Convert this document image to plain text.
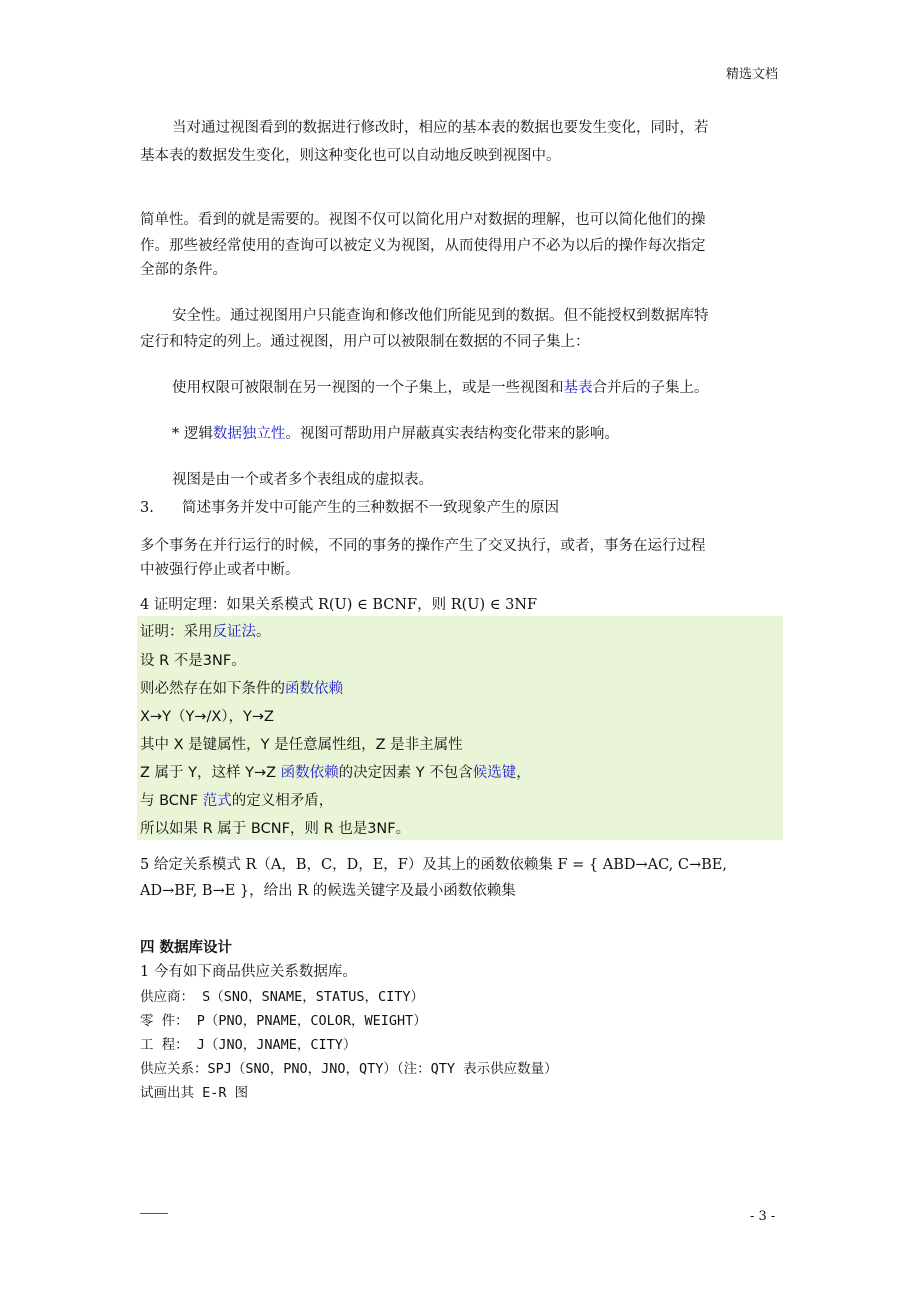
精选文档
当对通过视图看到的数据进行修改时，相应的基本表的数据也要发生变化，同时，若
基本表的数据发生变化，则这种变化也可以自动地反映到视图中。
简单性。看到的就是需要的。视图不仅可以简化用户对数据的理解，也可以简化他们的操
作。那些被经常使用的查询可以被定义为视图，从而使得用户不必为以后的操作每次指定
全部的条件。
安全性。通过视图用户只能查询和修改他们所能见到的数据。但不能授权到数据库特
定行和特定的列上。通过视图，用户可以被限制在数据的不同子集上：
使用权限可被限制在另一视图的一个子集上，或是一些视图和基表合并后的子集上。
* 逻辑数据独立性。视图可帮助用户屏蔽真实表结构变化带来的影响。
视图是由一个或者多个表组成的虚拟表。
3. 简述事务并发中可能产生的三种数据不一致现象产生的原因
多个事务在并行运行的时候，不同的事务的操作产生了交叉执行，或者，事务在运行过程
中被强行停止或者中断。
4 证明定理：如果关系模式 R(U) ∈ BCNF，则 R(U) ∈ 3NF
证明：采用反证法。
设 R 不是3NF。
则必然存在如下条件的函数依赖
X→Y（Y→/X），Y→Z
其中 X 是键属性，Y 是任意属性组，Z 是非主属性
Z 属于 Y，这样 Y→Z 函数依赖的决定因素 Y 不包含候选键，
与 BCNF 范式的定义相矛盾，
所以如果 R 属于 BCNF，则 R 也是3NF。
5 给定关系模式 R（A，B，C，D，E，F）及其上的函数依赖集 F = { ABD→AC, C→BE,
AD→BF, B→E }，给出 R 的候选关键字及最小函数依赖集
四 数据库设计
1 今有如下商品供应关系数据库。
供应商： S（SNO，SNAME，STATUS，CITY）
零 件： P（PNO，PNAME，COLOR，WEIGHT）
工 程： J（JNO，JNAME，CITY）
供应关系：SPJ（SNO，PNO，JNO，QTY）（注：QTY 表示供应数量）
试画出其 E-R 图
___
- 3 -
